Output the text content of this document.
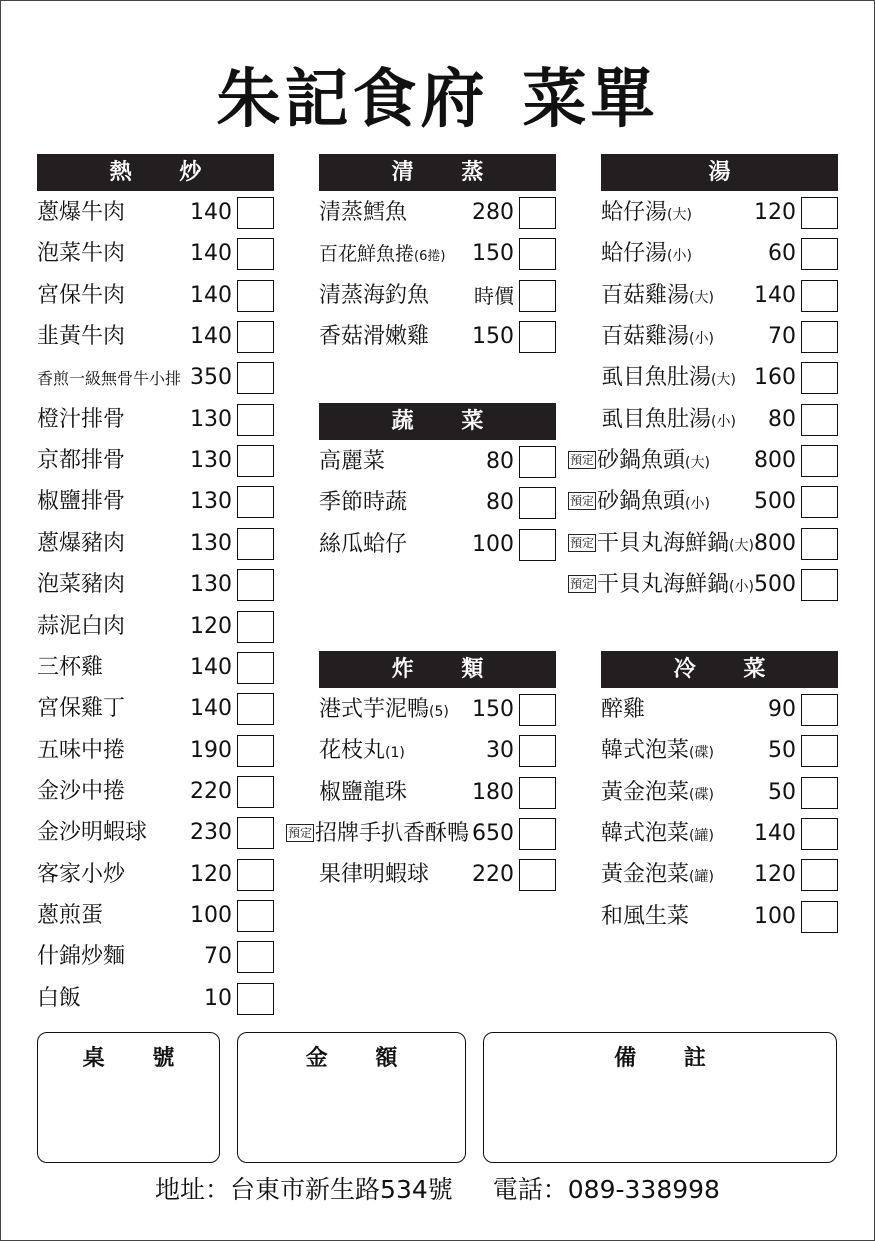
朱記食府 菜單
熱 炒
蔥爆牛肉	140
泡菜牛肉	140
宮保牛肉	140
韭黃牛肉	140
香煎一級無骨牛小排 350
橙汁排骨	130
京都排骨	130
椒鹽排骨	130
蔥爆豬肉	130
泡菜豬肉	130
蒜泥白肉	120
三杯雞	140
宮保雞丁	140
五味中捲	190
金沙中捲	220
金沙明蝦球 230
客家小炒	120
蔥煎蛋	100
什錦炒麵	70
白飯	10
清 蒸
清蒸鱈魚	280
百花鮮魚捲(6捲) 150
清蒸海釣魚 時價
香菇滑嫩雞 150
蔬 菜
高麗菜	80
季節時蔬	80
絲瓜蛤仔	100
炸 類
港式芋泥鴨(5) 150
花枝丸(1)	30
椒鹽龍珠	180
預定 招牌手扒香酥鴨 650
果律明蝦球 220
湯
蛤仔湯(大)	120
蛤仔湯(小)	60
百菇雞湯(大) 140
百菇雞湯(小) 70
虱目魚肚湯(大) 160
虱目魚肚湯(小) 80
預定 砂鍋魚頭(大) 800
預定 砂鍋魚頭(小) 500
預定 干貝丸海鮮鍋(大) 800
預定 干貝丸海鮮鍋(小) 500
冷 菜
醉雞	90
韓式泡菜(碟) 50
黃金泡菜(碟) 50
韓式泡菜(罐) 140
黃金泡菜(罐) 120
和風生菜	100
桌 號	金 額	備 註
地址：台東市新生路534號 電話：089-338998
